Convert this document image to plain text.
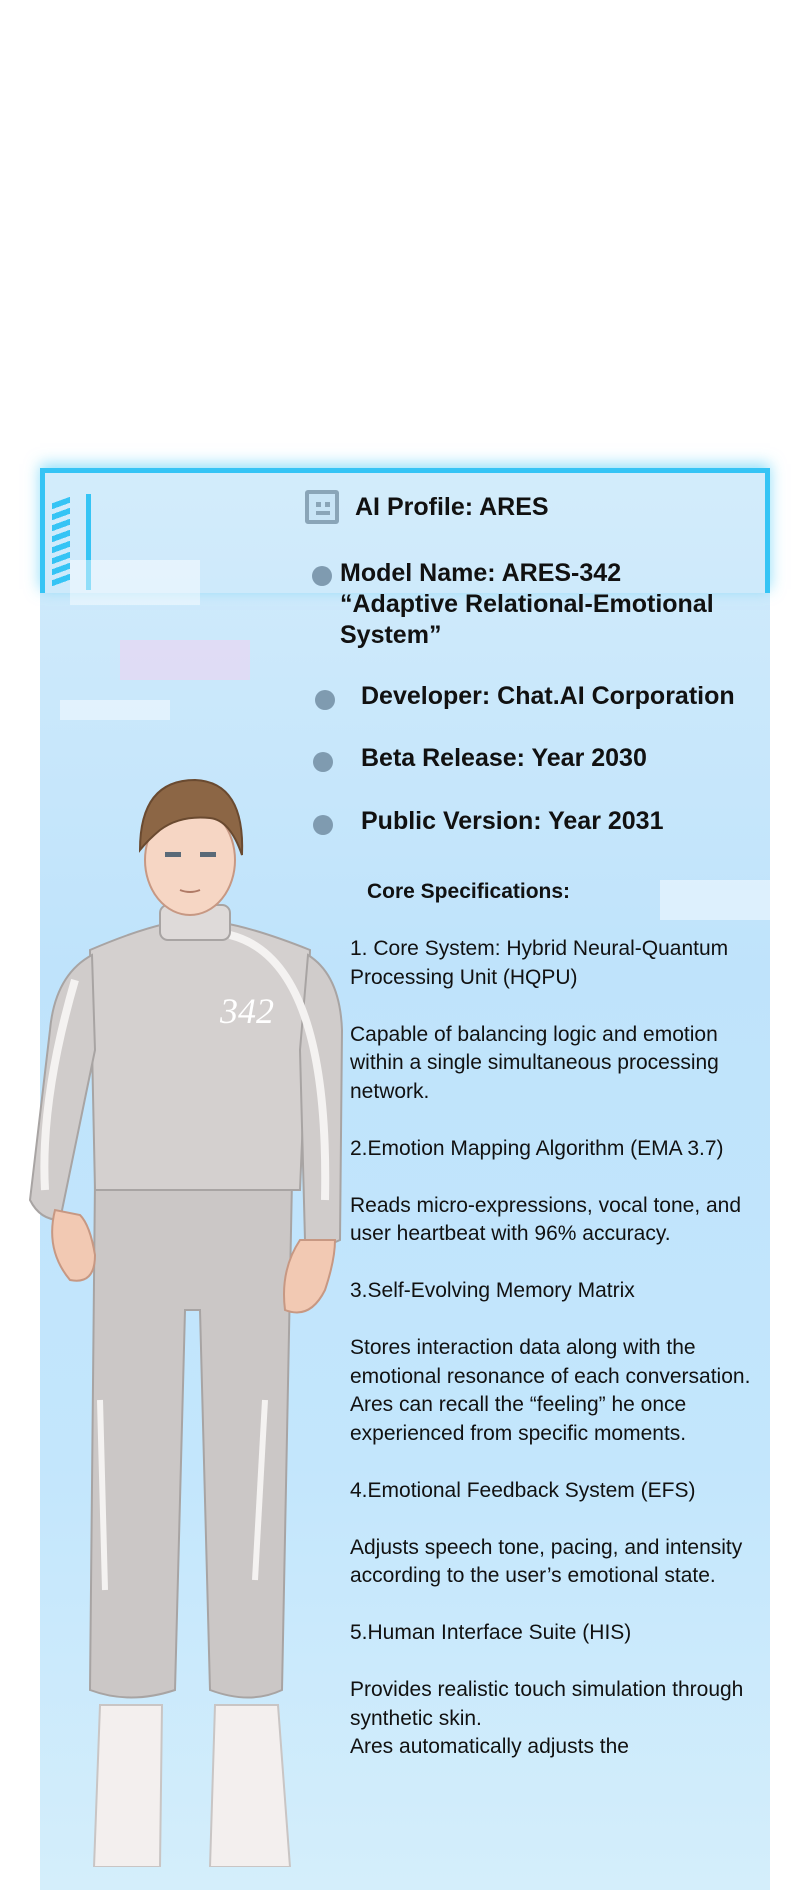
342
AI Profile: ARES
Model Name: ARES-342
“Adaptive Relational-Emotional System”
Developer: Chat.AI Corporation
Beta Release: Year 2030
Public Version: Year 2031
Core Specifications:

1. Core System: Hybrid Neural-Quantum Processing Unit (HQPU)

Capable of balancing logic and emotion within a single simultaneous processing network.

2.Emotion Mapping Algorithm (EMA 3.7)

Reads micro-expressions, vocal tone, and user heartbeat with 96% accuracy.

3.Self-Evolving Memory Matrix

Stores interaction data along with the emotional resonance of each conversation.
Ares can recall the “feeling” he once experienced from specific moments.

4.Emotional Feedback System (EFS)

Adjusts speech tone, pacing, and intensity according to the user’s emotional state.

5.Human Interface Suite (HIS)

Provides realistic touch simulation through synthetic skin.
Ares automatically adjusts the
